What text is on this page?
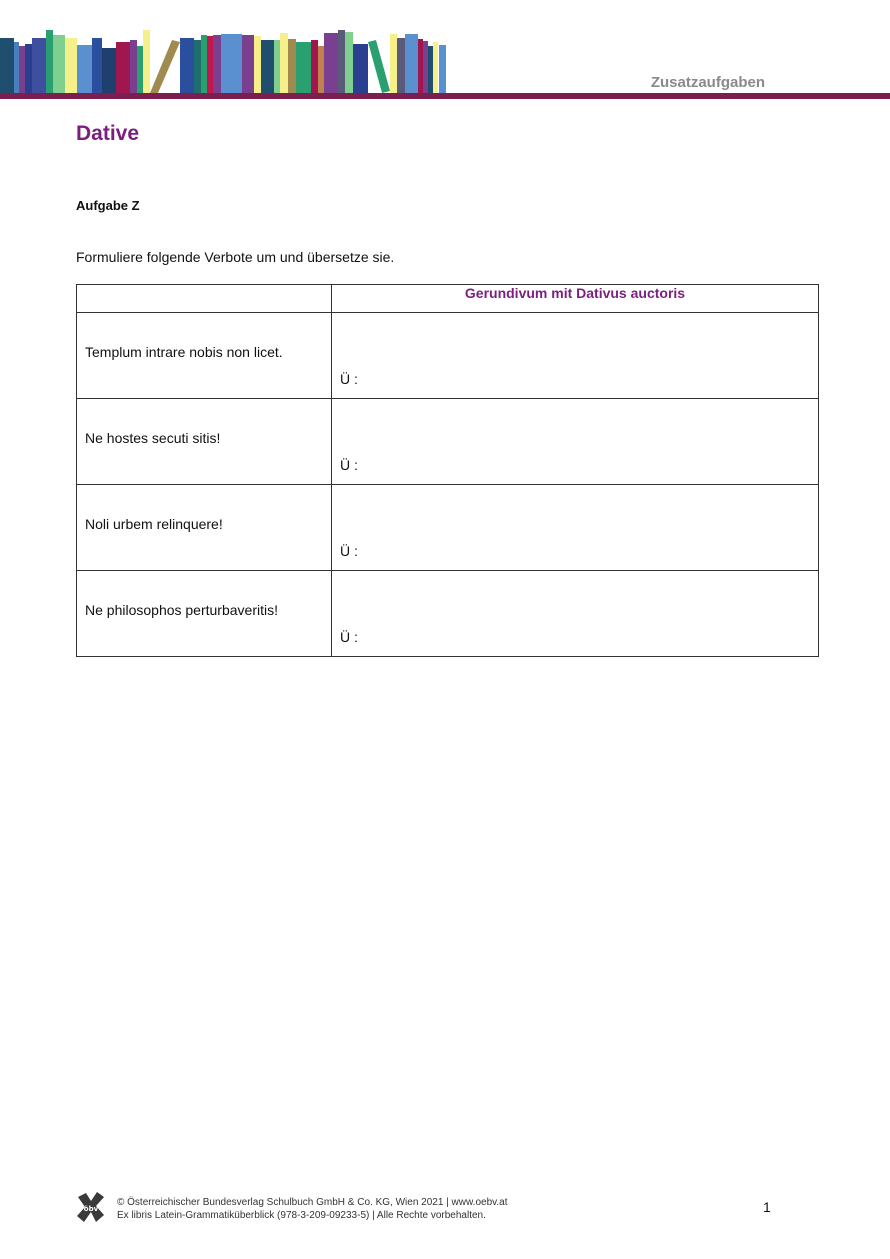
Zusatzaufgaben
Dative
Aufgabe Z
Formuliere folgende Verbote um und übersetze sie.
	Gerundivum mit Dativus auctoris

Templum intrare nobis non licet.	Ü :

Ne hostes secuti sitis!	Ü :

Noli urbem relinquere!	Ü :

Ne philosophos perturbaveritis!	Ü :
öbv
© Österreichischer Bundesverlag Schulbuch GmbH & Co. KG, Wien 2021 | www.oebv.at
Ex libris Latein-Grammatiküberblick (978-3-209-09233-5) | Alle Rechte vorbehalten.
1
